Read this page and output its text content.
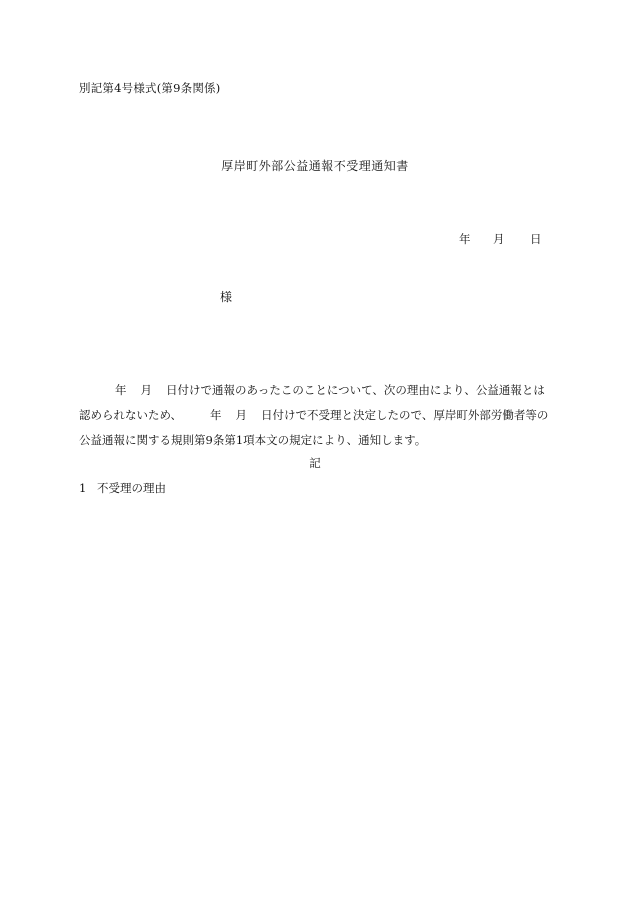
別記第4号様式(第9条関係)
厚岸町外部公益通報不受理通知書
年 月 日
様
年 月 日付けで通報のあったこのことについて、次の理由により、公益通報とは
認められないため、 年 月 日付けで不受理と決定したので、厚岸町外部労働者等の
公益通報に関する規則第9条第1項本文の規定により、通知します。
記
1 不受理の理由
